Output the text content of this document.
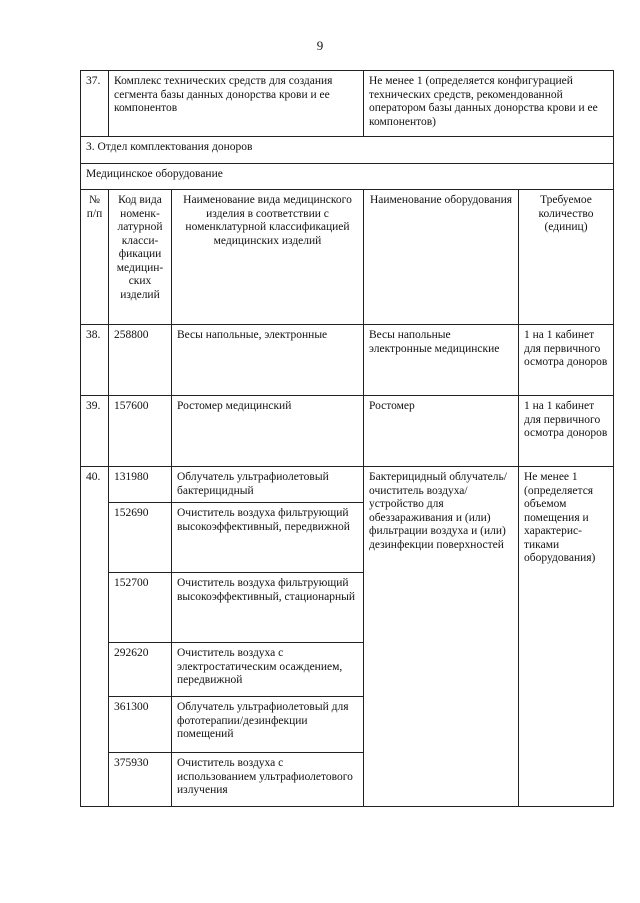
9
37.	Комплекс технических средств для создания сегмента базы данных донорства крови и ее компонентов		Не менее 1 (определяется конфигурацией технических средств, рекомендованной оператором базы данных донорства крови и ее компонентов)	
3. Отдел комплектования доноров				
Медицинское оборудование				
№ п/п	Код вида номенк-латурной класси-фикации медицин-ских изделий	Наименование вида медицинского изделия в соответствии с номенклатурной классификацией медицинских изделий	Наименование оборудования	Требуемое количество (единиц)
38.	258800	Весы напольные, электронные	Весы напольные электронные медицинские	1 на 1 кабинет для первичного осмотра доноров
39.	157600	Ростомер медицинский	Ростомер	1 на 1 кабинет для первичного осмотра доноров
40.	131980	Облучатель ультрафиолетовый бактерицидный	Бактерицидный облучатель/очиститель воздуха/устройство для обеззараживания и (или) фильтрации воздуха и (или) дезинфекции поверхностей	Не менее 1 (определяется объемом помещения и характерис-тиками оборудования)
	152690	Очиститель воздуха фильтрующий высокоэффективный, передвижной		
	152700	Очиститель воздуха фильтрующий высокоэффективный, стационарный		
	292620	Очиститель воздуха с электростатическим осаждением, передвижной		
	361300	Облучатель ультрафиолетовый для фототерапии/дезинфекции помещений		
	375930	Очиститель воздуха с использованием ультрафиолетового излучения		
